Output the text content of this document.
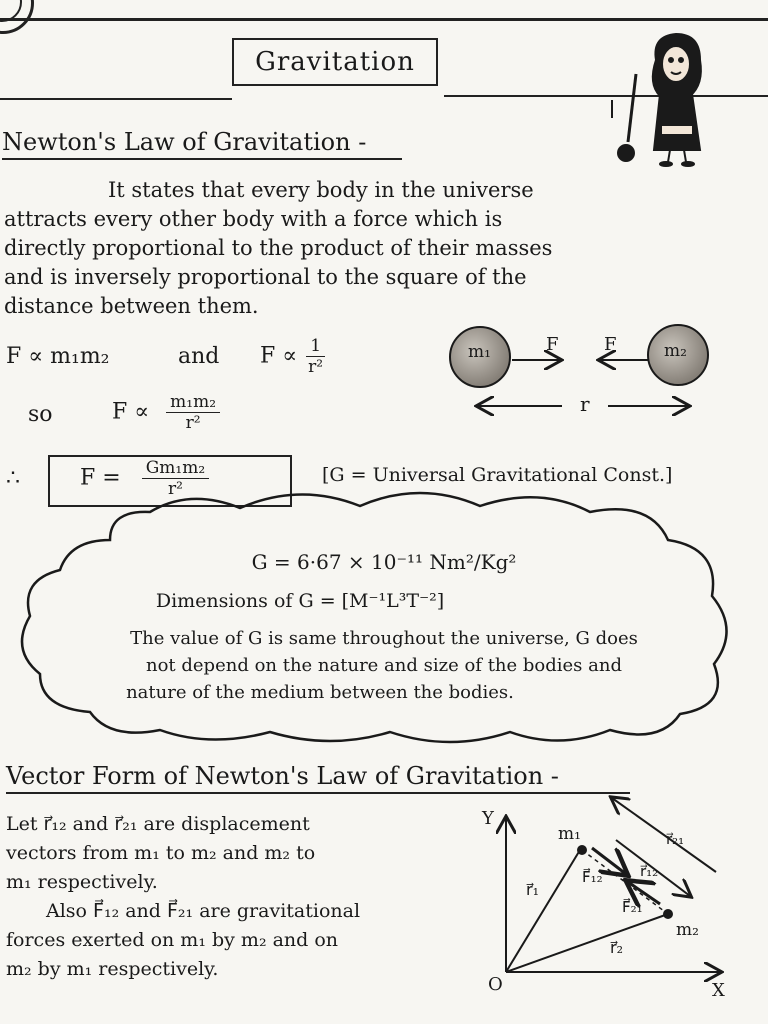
Gravitation
Newton's Law of Gravitation -
It states that every body in the universe
attracts every other body with a force which is
directly proportional to the product of their masses
and is inversely proportional to the square of the
distance between them.
F ∝ m₁m₂	and $F \propto \frac{1}{\text{r²}}$
so	$F \propto \frac{\text{m₁m₂}}{\text{r²}}$
∴	$F = \frac{\text{Gm₁m₂}}{\text{r²}}$	[G = Universal Gravitational Const.]
m₁	m₂
F	F
r
G = 6·67 × 10⁻¹¹ Nm²/Kg²
Dimensions of G = [M⁻¹L³T⁻²]
The value of G is same throughout the universe, G does
not depend on the nature and size of the bodies and
nature of the medium between the bodies.
Vector Form of Newton's Law of Gravitation -
Let r⃗₁₂ and r⃗₂₁ are displacement
vectors from m₁ to m₂ and m₂ to
m₁ respectively.
Also F⃗₁₂ and F⃗₂₁ are gravitational
forces exerted on m₁ by m₂ and on
m₂ by m₁ respectively.
Y
X
O
m₁
m₂
r⃗₁
r⃗₂
r⃗₁₂
r⃗₂₁
F⃗₁₂
F⃗₂₁
